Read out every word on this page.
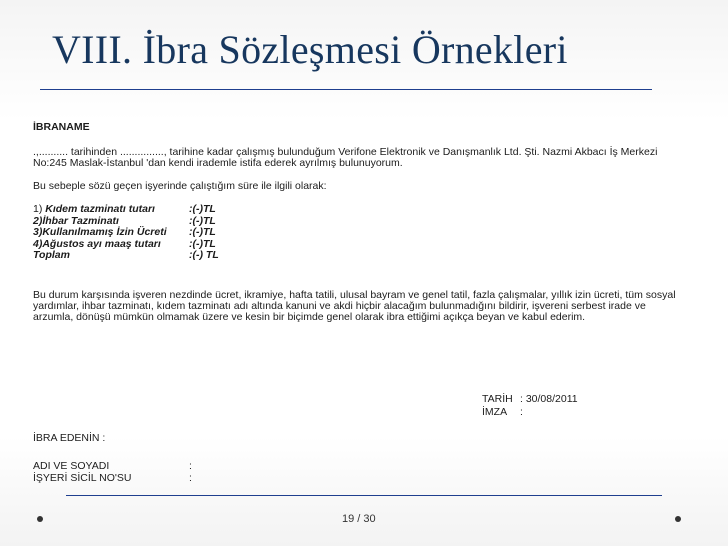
VIII. İbra Sözleşmesi Örnekleri
İBRANAME

.,.......... tarihinden ..............., tarihine kadar çalışmış bulunduğum Verifone Elektronik ve Danışmanlık Ltd. Şti. Nazmi Akbacı İş Merkezi No:245 Maslak-İstanbul 'dan kendi irademle istifa ederek ayrılmış bulunuyorum.

Bu sebeple sözü geçen işyerinde çalıştığım süre ile ilgili olarak:

1) Kıdem tazminatı tutarı	:(-)TL
2)İhbar Tazminatı	:(-)TL
3)Kullanılmamış İzin Ücreti	:(-)TL
4)Ağustos ayı maaş tutarı	:(-)TL
Toplam	:(-) TL

Bu durum karşısında işveren nezdinde ücret, ikramiye, hafta tatili, ulusal bayram ve genel tatil, fazla çalışmalar, yıllık izin ücreti, tüm sosyal yardımlar, ihbar tazminatı, kıdem tazminatı adı altında kanuni ve akdi hiçbir alacağım bulunmadığını bildirir, işvereni serbest irade ve arzumla, dönüşü mümkün olmamak üzere ve kesin bir biçimde genel olarak ibra ettiğimi açıkça beyan ve kabul ederim.

TARİH : 30/08/2011
İMZA	:
İBRA EDENİN :
ADI VE SOYADI	:
İŞYERİ SİCİL NO'SU	:
19 / 30
